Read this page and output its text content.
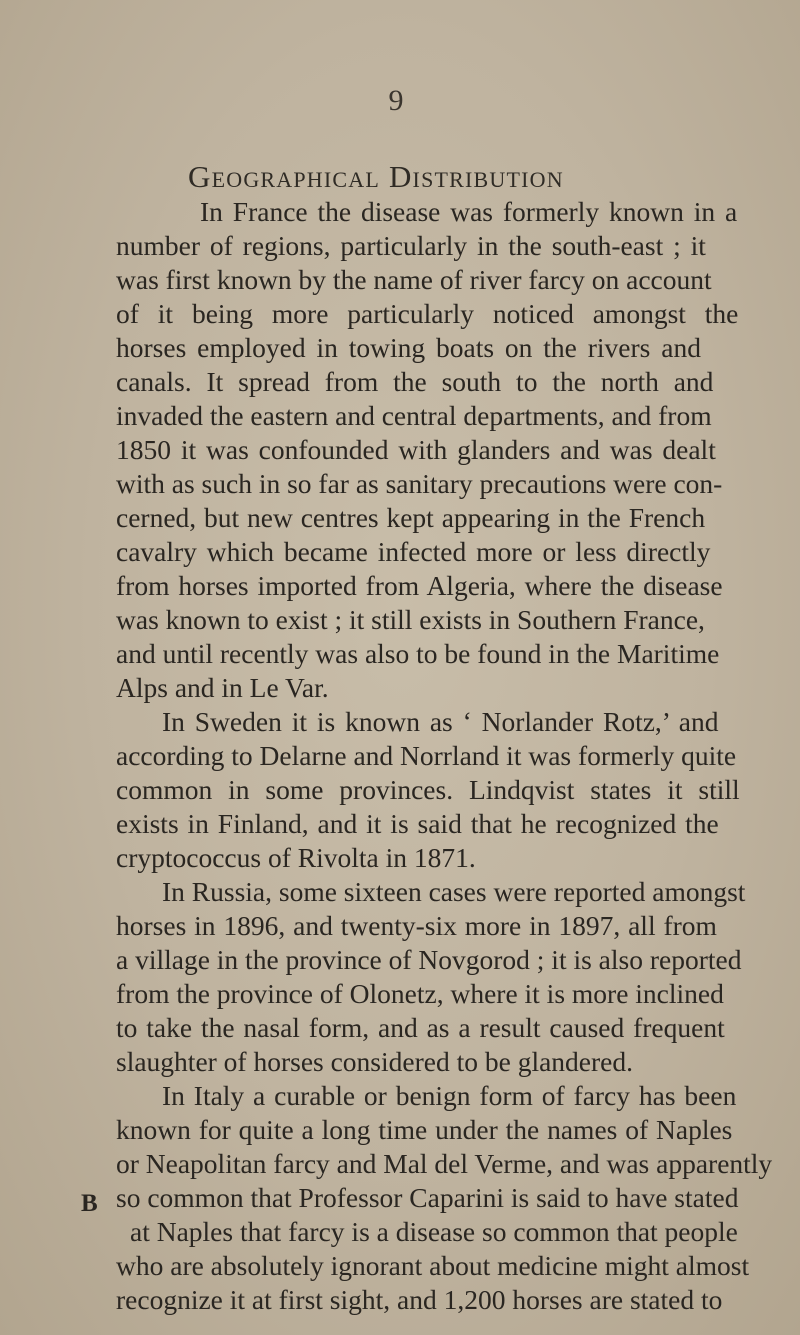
9
Geographical Distribution
In France the disease was formerly known in a
number of regions, particularly in the south-east ; it
was first known by the name of river farcy on account
of it being more particularly noticed amongst the
horses employed in towing boats on the rivers and
canals. It spread from the south to the north and
invaded the eastern and central departments, and from
1850 it was confounded with glanders and was dealt
with as such in so far as sanitary precautions were con-
cerned, but new centres kept appearing in the French
cavalry which became infected more or less directly
from horses imported from Algeria, where the disease
was known to exist ; it still exists in Southern France,
and until recently was also to be found in the Maritime
Alps and in Le Var.
In Sweden it is known as ‘ Norlander Rotz,’ and
according to Delarne and Norrland it was formerly quite
common in some provinces. Lindqvist states it still
exists in Finland, and it is said that he recognized the
cryptococcus of Rivolta in 1871.
In Russia, some sixteen cases were reported amongst
horses in 1896, and twenty-six more in 1897, all from
a village in the province of Novgorod ; it is also reported
from the province of Olonetz, where it is more inclined
to take the nasal form, and as a result caused frequent
slaughter of horses considered to be glandered.
In Italy a curable or benign form of farcy has been
known for quite a long time under the names of Naples
or Neapolitan farcy and Mal del Verme, and was apparently
so common that Professor Caparini is said to have stated
at Naples that farcy is a disease so common that people
who are absolutely ignorant about medicine might almost
recognize it at first sight, and 1,200 horses are stated to
B
